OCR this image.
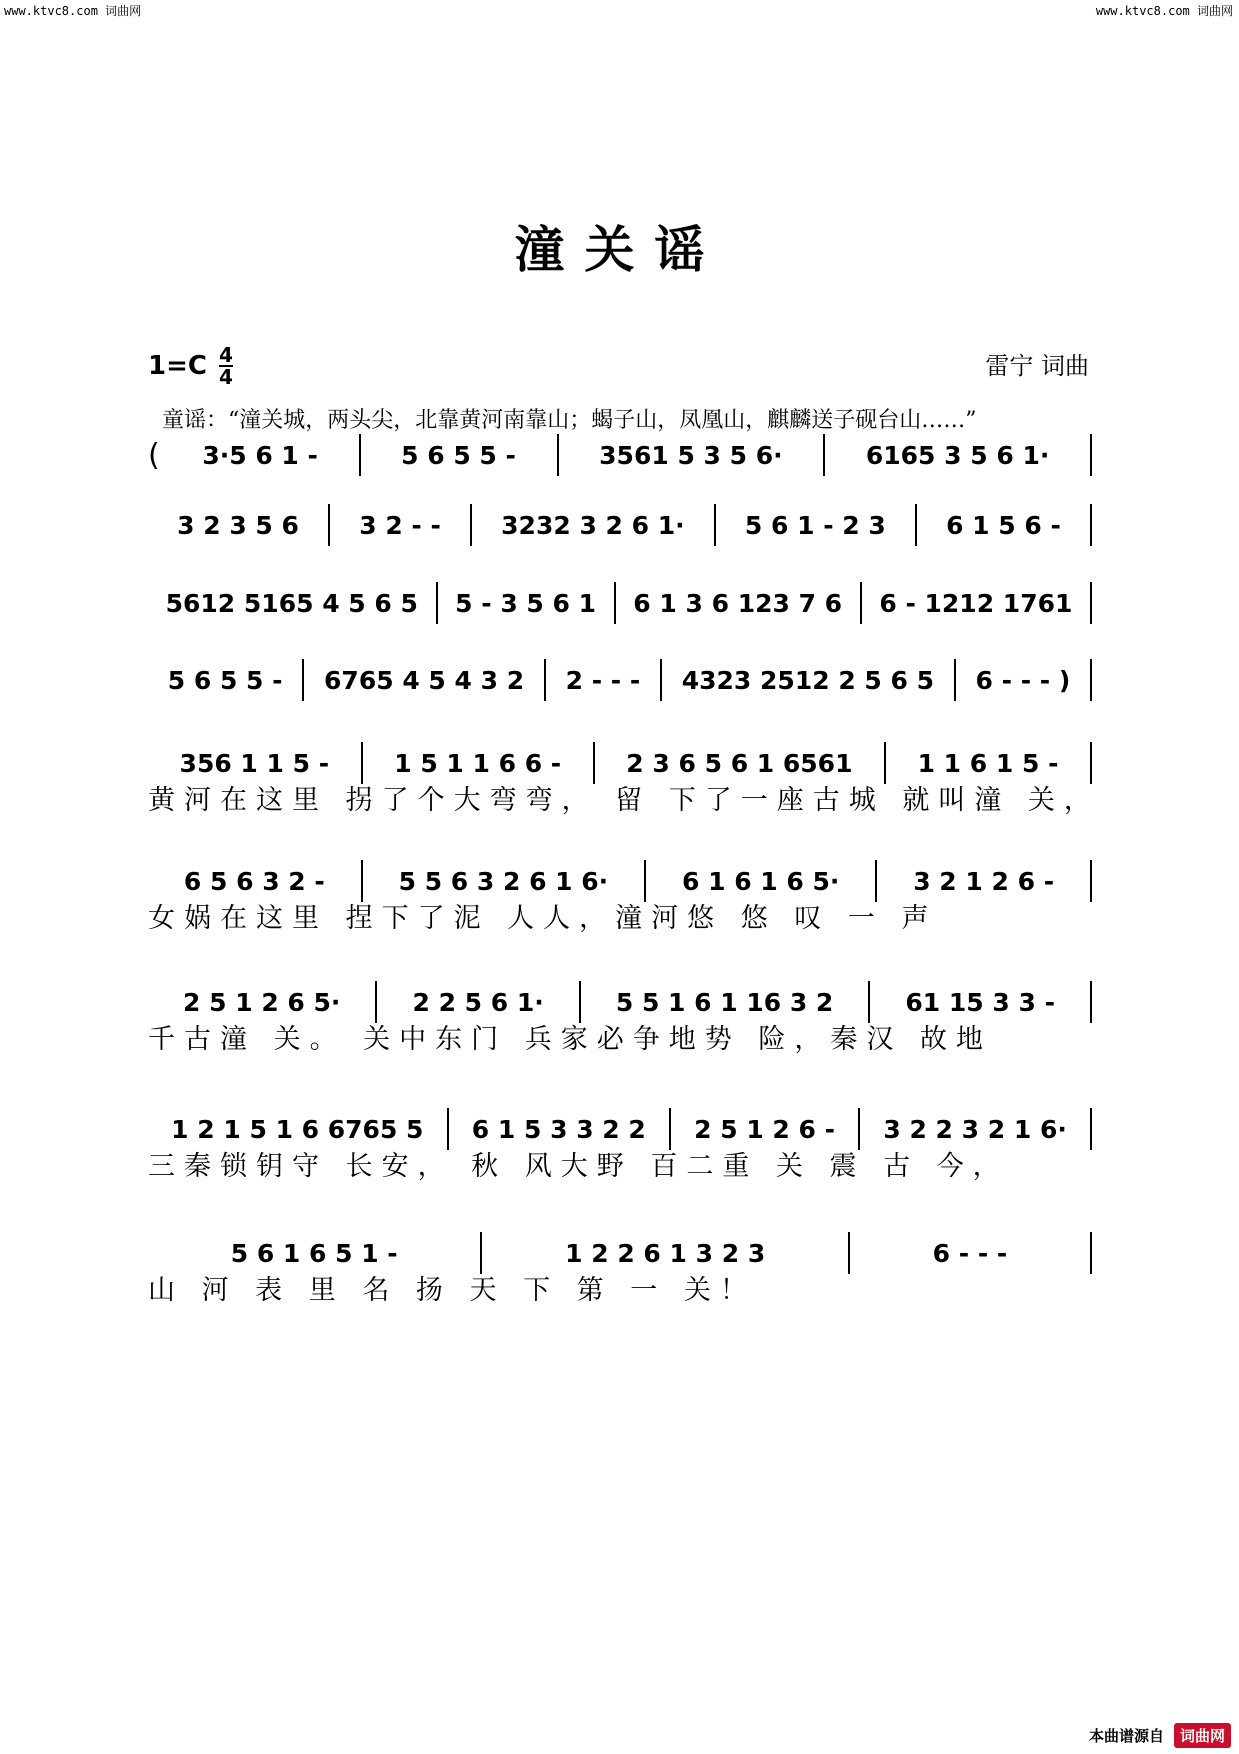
www.ktvc8.com 词曲网	www.ktvc8.com 词曲网
潼关谣
1=C 4
4	雷宁 词曲
童谣：“潼关城，两头尖，北靠黄河南靠山；蝎子山，凤凰山，麒麟送子砚台山……”
(	3·5 6 1 -	5 6 5 5 -	3561 5 3 5 6·	6165 3 5 6 1·
3 2 3 5 6	3 2 - -	3232 3 2 6 1·	5 6 1 - 2 3	6 1 5 6 -
5612 5165 4 5 6 5	5 - 3 5 6 1	6 1 3 6 123 7 6	6 - 1212 1761
5 6 5 5 -	6765 4 5 4 3 2	2 - - -	4323 2512 2 5 6 5	6 - - - )
356 1 1 5 -	1 5 1 1 6 6 -	2 3 6 5 6 1 6561	1 1 6 1 5 -
黄河在这里 拐了个大弯弯， 留 下了一座古城 就叫潼 关，
6 5 6 3 2 -	5 5 6 3 2 6 1 6·	6 1 6 1 6 5·	3 2 1 2 6 -
女娲在这里 捏下了泥 人人，潼河悠 悠 叹 一 声
2 5 1 2 6 5·	2 2 5 6 1·	5 5 1 6 1 16 3 2	61 15 3 3 -
千古潼 关。 关中东门 兵家必争地势 险，秦汉 故地
1 2 1 5 1 6 6765 5	6 1 5 3 3 2 2	2 5 1 2 6 -	3 2 2 3 2 1 6·
三秦锁钥守 长安， 秋 风大野 百二重 关 震 古 今，
5 6 1 6 5 1 -	1 2 2 6 1 3 2 3	6 - - -
山 河 表 里 名 扬 天 下 第 一 关！
本曲谱源自	词曲网
